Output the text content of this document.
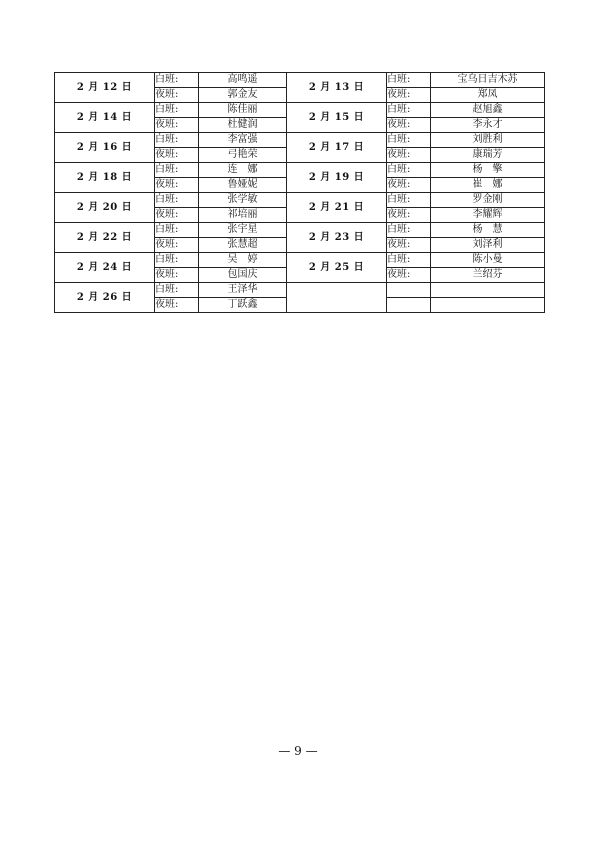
2 月 12 日	白班:	高鸣遥	2 月 13 日	白班:	宝乌日吉木苏
	夜班:	郭金友		夜班:	郑凤
2 月 14 日	白班:	陈佳丽	2 月 15 日	白班:	赵旭鑫
	夜班:	杜健润		夜班:	李永才
2 月 16 日	白班:	李富强	2 月 17 日	白班:	刘胜利
	夜班:	弓艳荣		夜班:	康瑞芳
2 月 18 日	白班:	连　娜	2 月 19 日	白班:	杨　擎
	夜班:	鲁娅妮		夜班:	崔　娜
2 月 20 日	白班:	张学敏	2 月 21 日	白班:	罗金刚
	夜班:	祁培丽		夜班:	李耀辉
2 月 22 日	白班:	张宇星	2 月 23 日	白班:	杨　慧
	夜班:	张慧超		夜班:	刘泽利
2 月 24 日	白班:	吴　婷	2 月 25 日	白班:	陈小曼
	夜班:	包国庆		夜班:	兰绍芬
2 月 26 日	白班:	王泽华			
	夜班:	丁跃鑫			
— 9 —
